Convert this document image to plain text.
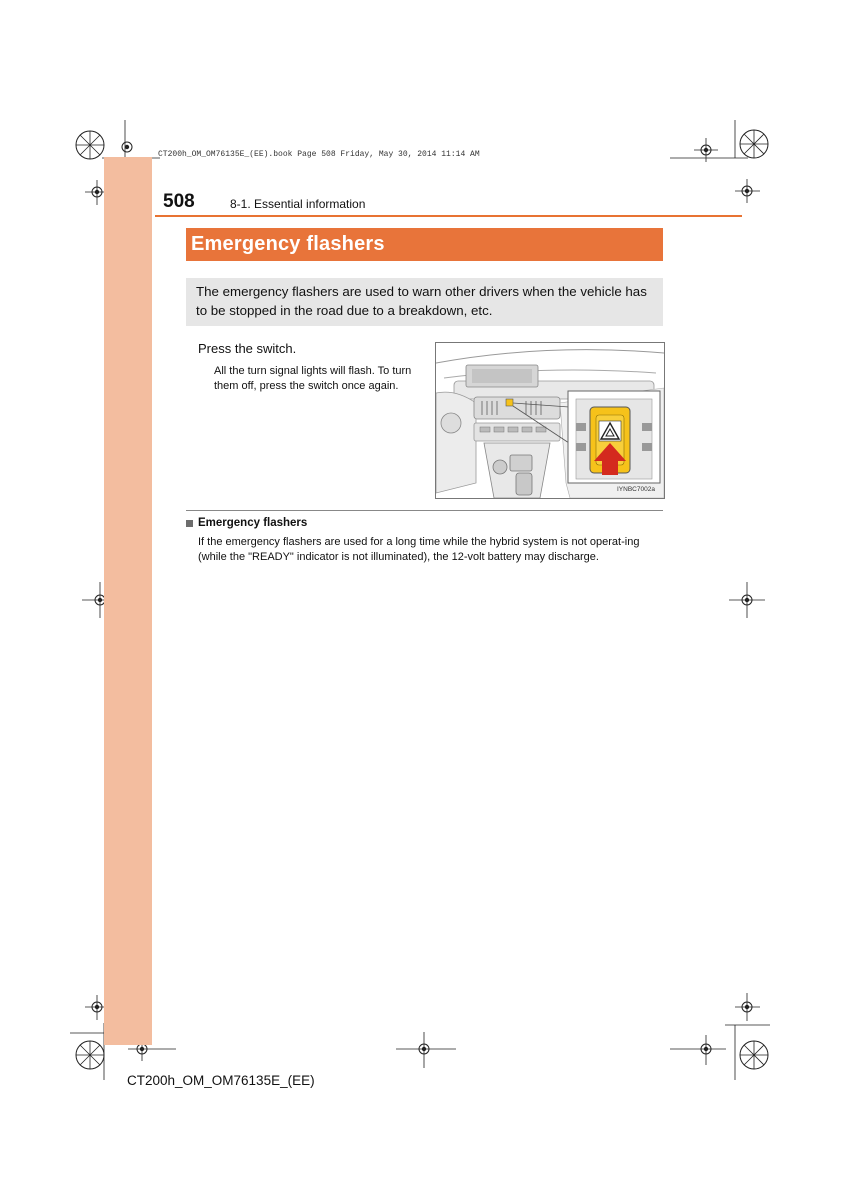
CT200h_OM_OM76135E_(EE).book Page 508 Friday, May 30, 2014 11:14 AM
508	8-1. Essential information
Emergency flashers
The emergency flashers are used to warn other drivers when the vehicle has to be stopped in the road due to a breakdown, etc.
Press the switch.
All the turn signal lights will flash. To turn them off, press the switch once again.
IYNBC7002a
Emergency flashers
If the emergency flashers are used for a long time while the hybrid system is not operat-ing (while the "READY" indicator is not illuminated), the 12-volt battery may discharge.
CT200h_OM_OM76135E_(EE)
